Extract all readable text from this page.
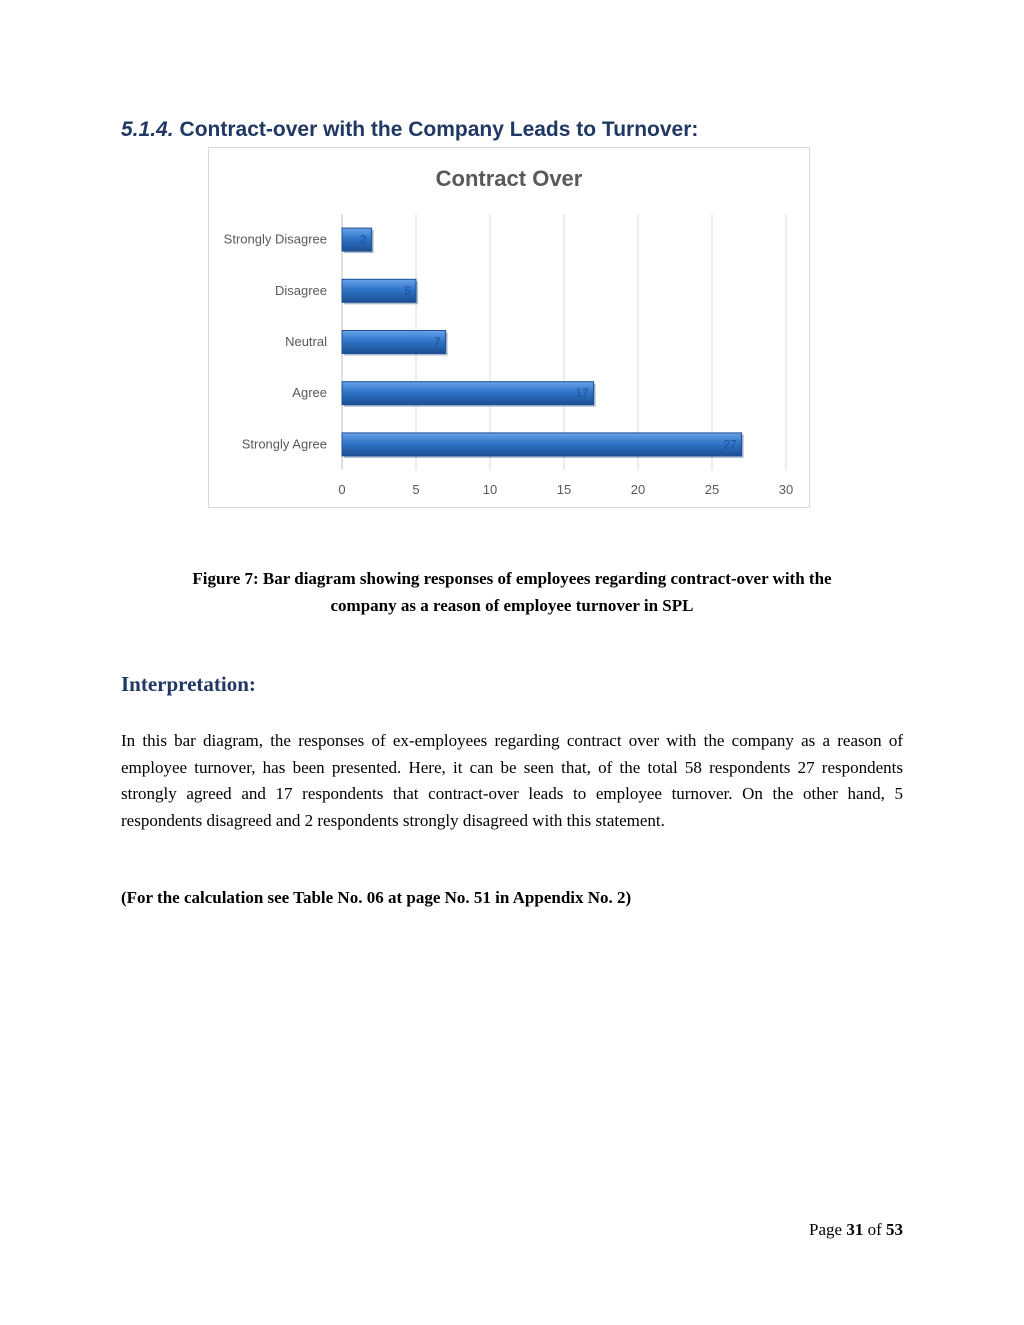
5.1.4. Contract-over with the Company Leads to Turnover:
Contract Over
0	5	10	15	20	25	30
Strongly Disagree	2
Disagree	5
Neutral	7
Agree	17
Strongly Agree	27

Figure 7: Bar diagram showing responses of employees regarding contract-over with the
company as a reason of employee turnover in SPL

Interpretation:

In this bar diagram, the responses of ex-employees regarding contract over with the company as a reason of employee turnover, has been presented. Here, it can be seen that, of the total 58 respondents 27 respondents strongly agreed and 17 respondents that contract-over leads to employee turnover. On the other hand, 5 respondents disagreed and 2 respondents strongly disagreed with this statement.

(For the calculation see Table No. 06 at page No. 51 in Appendix No. 2)

Page 31 of 53
